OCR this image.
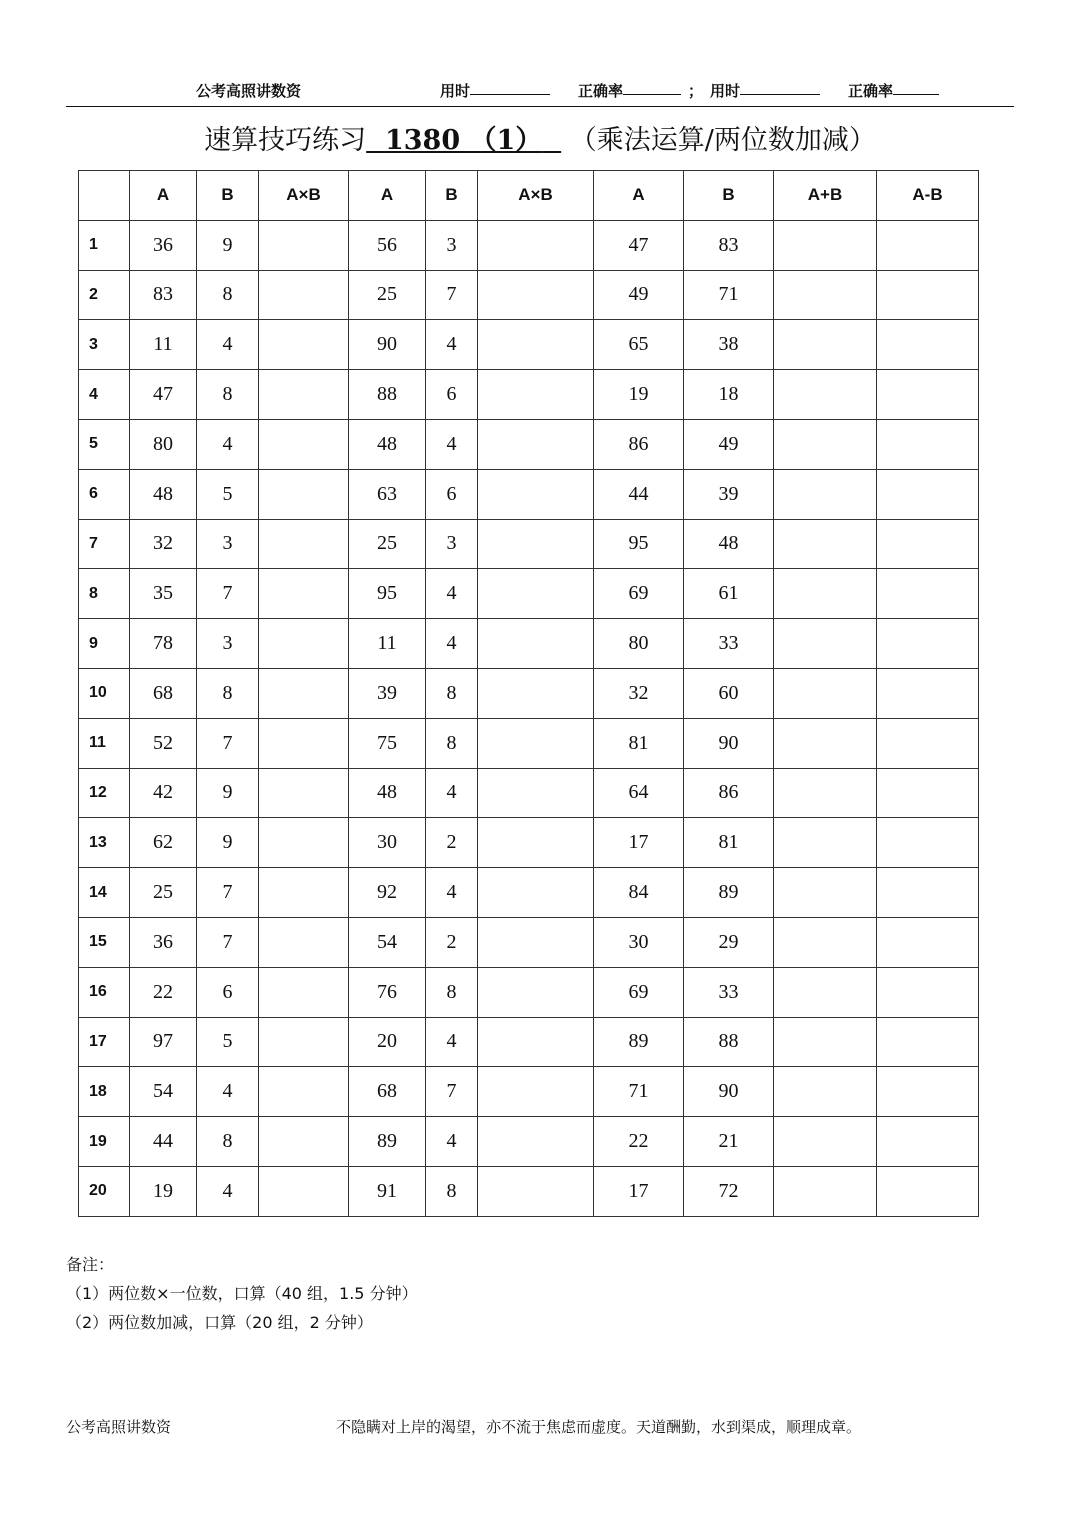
公考高照讲数资	用时	正确率	； 用时	正确率
速算技巧练习 1380 （1） （乘法运算/两位数加减）
	A	B	A×B	A	B	A×B	A	B	A+B	A-B
1	36	9		56	3		47	83		
2	83	8		25	7		49	71		
3	11	4		90	4		65	38		
4	47	8		88	6		19	18		
5	80	4		48	4		86	49		
6	48	5		63	6		44	39		
7	32	3		25	3		95	48		
8	35	7		95	4		69	61		
9	78	3		11	4		80	33		
10	68	8		39	8		32	60		
11	52	7		75	8		81	90		
12	42	9		48	4		64	86		
13	62	9		30	2		17	81		
14	25	7		92	4		84	89		
15	36	7		54	2		30	29		
16	22	6		76	8		69	33		
17	97	5		20	4		89	88		
18	54	4		68	7		71	90		
19	44	8		89	4		22	21		
20	19	4		91	8		17	72		
备注：
（1）两位数×一位数，口算（40 组，1.5 分钟）
（2）两位数加减，口算（20 组，2 分钟）
公考高照讲数资	不隐瞒对上岸的渴望，亦不流于焦虑而虚度。天道酬勤，水到渠成，顺理成章。
